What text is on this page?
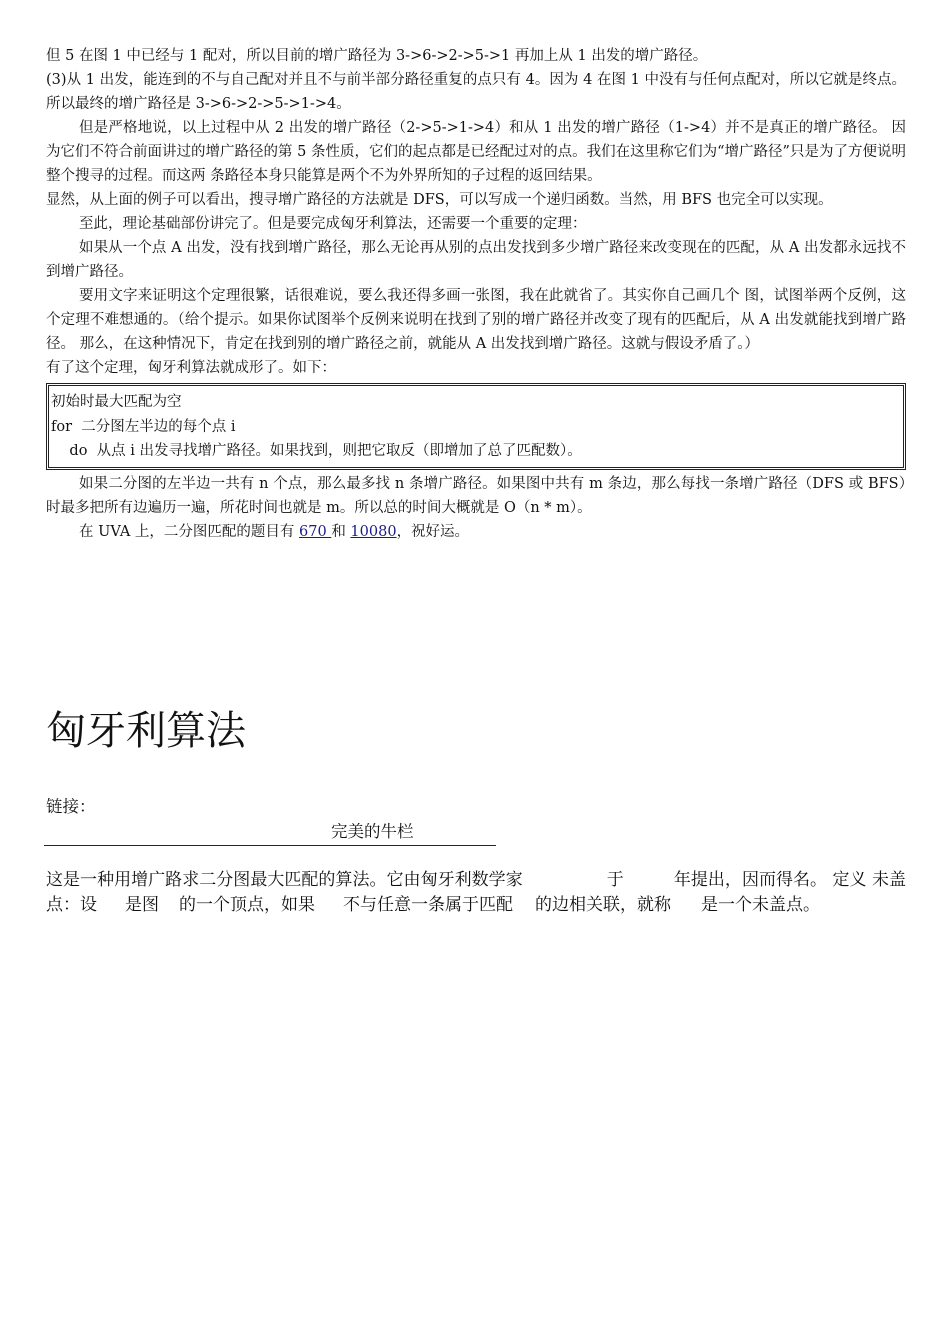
但 5 在图 1 中已经与 1 配对，所以目前的增广路径为 3->6->2->5->1 再加上从 1 出发的增广路径。

(3)从 1 出发，能连到的不与自己配对并且不与前半部分路径重复的点只有 4。因为 4 在图 1 中没有与任何点配对，所以它就是终点。所以最终的增广路径是 3->6->2->5->1->4。

但是严格地说，以上过程中从 2 出发的增广路径（2->5->1->4）和从 1 出发的增广路径（1->4）并不是真正的增广路径。 因为它们不符合前面讲过的增广路径的第 5 条性质，它们的起点都是已经配过对的点。我们在这里称它们为“增广路径”只是为了方便说明整个搜寻的过程。而这两 条路径本身只能算是两个不为外界所知的子过程的返回结果。

显然，从上面的例子可以看出，搜寻增广路径的方法就是 DFS，可以写成一个递归函数。当然，用 BFS 也完全可以实现。

至此，理论基础部份讲完了。但是要完成匈牙利算法，还需要一个重要的定理：

如果从一个点 A 出发，没有找到增广路径，那么无论再从别的点出发找到多少增广路径来改变现在的匹配，从 A 出发都永远找不到增广路径。

要用文字来证明这个定理很繁，话很难说，要么我还得多画一张图，我在此就省了。其实你自己画几个 图，试图举两个反例，这个定理不难想通的。（给个提示。如果你试图举个反例来说明在找到了别的增广路径并改变了现有的匹配后，从 A 出发就能找到增广路径。 那么，在这种情况下，肯定在找到别的增广路径之前，就能从 A 出发找到增广路径。这就与假设矛盾了。）

有了这个定理，匈牙利算法就成形了。如下：

初始时最大匹配为空
for  二分图左半边的每个点 i
do  从点 i 出发寻找增广路径。如果找到，则把它取反（即增加了总了匹配数）。

如果二分图的左半边一共有 n 个点，那么最多找 n 条增广路径。如果图中共有 m 条边，那么每找一条增广路径（DFS 或 BFS）时最多把所有边遍历一遍，所花时间也就是 m。所以总的时间大概就是 O（n * m）。

在 UVA 上，二分图匹配的题目有 670 和 10080，祝好运。

匈牙利算法
链接：
完美的牛栏

这是一种用增广路求二分图最大匹配的算法。它由匈牙利数学家	于	年提出，因而得名。 定义 未盖点：设 是图 的一个顶点，如果 不与任意一条属于匹配 的边相关联，就称 是一个未盖点。
